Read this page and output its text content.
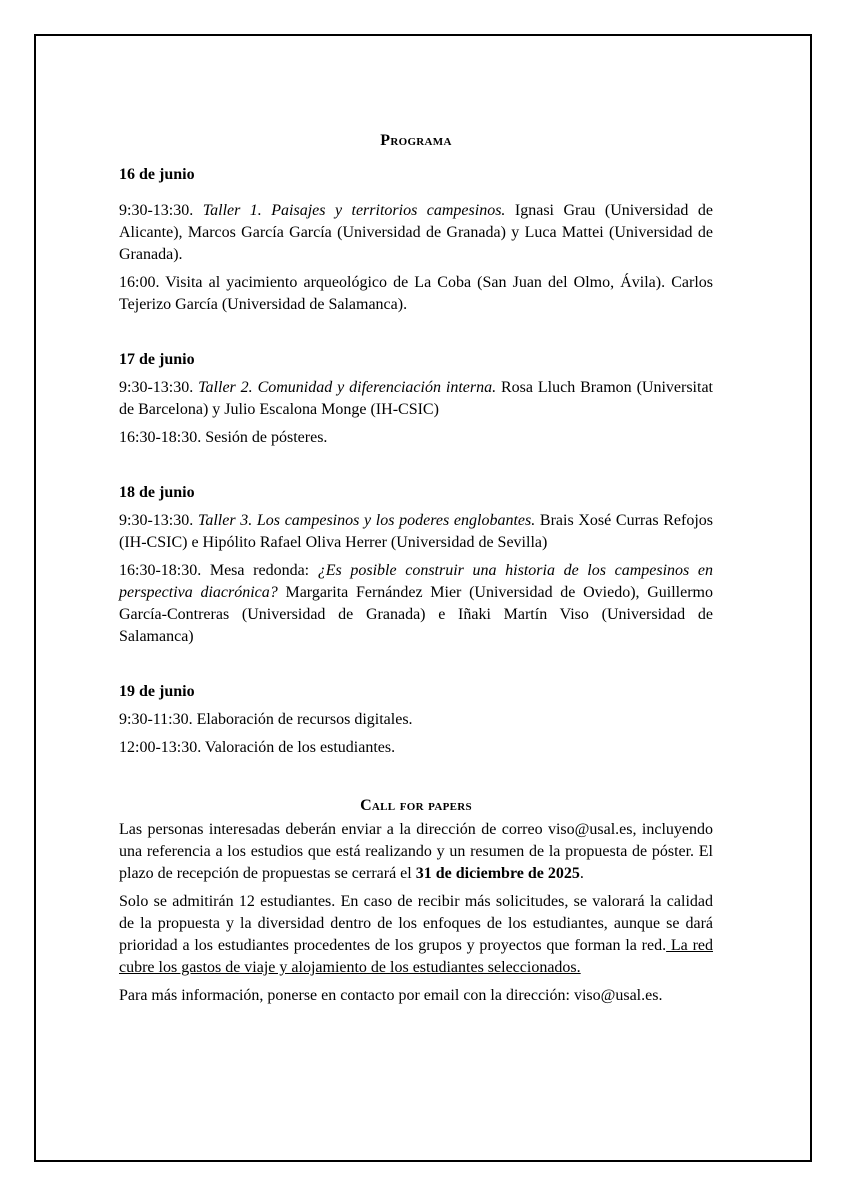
Programa

16 de junio

9:30-13:30. Taller 1. Paisajes y territorios campesinos. Ignasi Grau (Universidad de Alicante), Marcos García García (Universidad de Granada) y Luca Mattei (Universidad de Granada).

16:00. Visita al yacimiento arqueológico de La Coba (San Juan del Olmo, Ávila). Carlos Tejerizo García (Universidad de Salamanca).

17 de junio

9:30-13:30. Taller 2. Comunidad y diferenciación interna. Rosa Lluch Bramon (Universitat de Barcelona) y Julio Escalona Monge (IH-CSIC)

16:30-18:30. Sesión de pósteres.

18 de junio

9:30-13:30. Taller 3. Los campesinos y los poderes englobantes. Brais Xosé Curras Refojos (IH-CSIC) e Hipólito Rafael Oliva Herrer (Universidad de Sevilla)

16:30-18:30. Mesa redonda: ¿Es posible construir una historia de los campesinos en perspectiva diacrónica? Margarita Fernández Mier (Universidad de Oviedo), Guillermo García-Contreras (Universidad de Granada) e Iñaki Martín Viso (Universidad de Salamanca)

19 de junio

9:30-11:30. Elaboración de recursos digitales.

12:00-13:30. Valoración de los estudiantes.

Call for papers

Las personas interesadas deberán enviar a la dirección de correo viso@usal.es, incluyendo una referencia a los estudios que está realizando y un resumen de la propuesta de póster. El plazo de recepción de propuestas se cerrará el 31 de diciembre de 2025.

Solo se admitirán 12 estudiantes. En caso de recibir más solicitudes, se valorará la calidad de la propuesta y la diversidad dentro de los enfoques de los estudiantes, aunque se dará prioridad a los estudiantes procedentes de los grupos y proyectos que forman la red. La red cubre los gastos de viaje y alojamiento de los estudiantes seleccionados.

Para más información, ponerse en contacto por email con la dirección: viso@usal.es.
